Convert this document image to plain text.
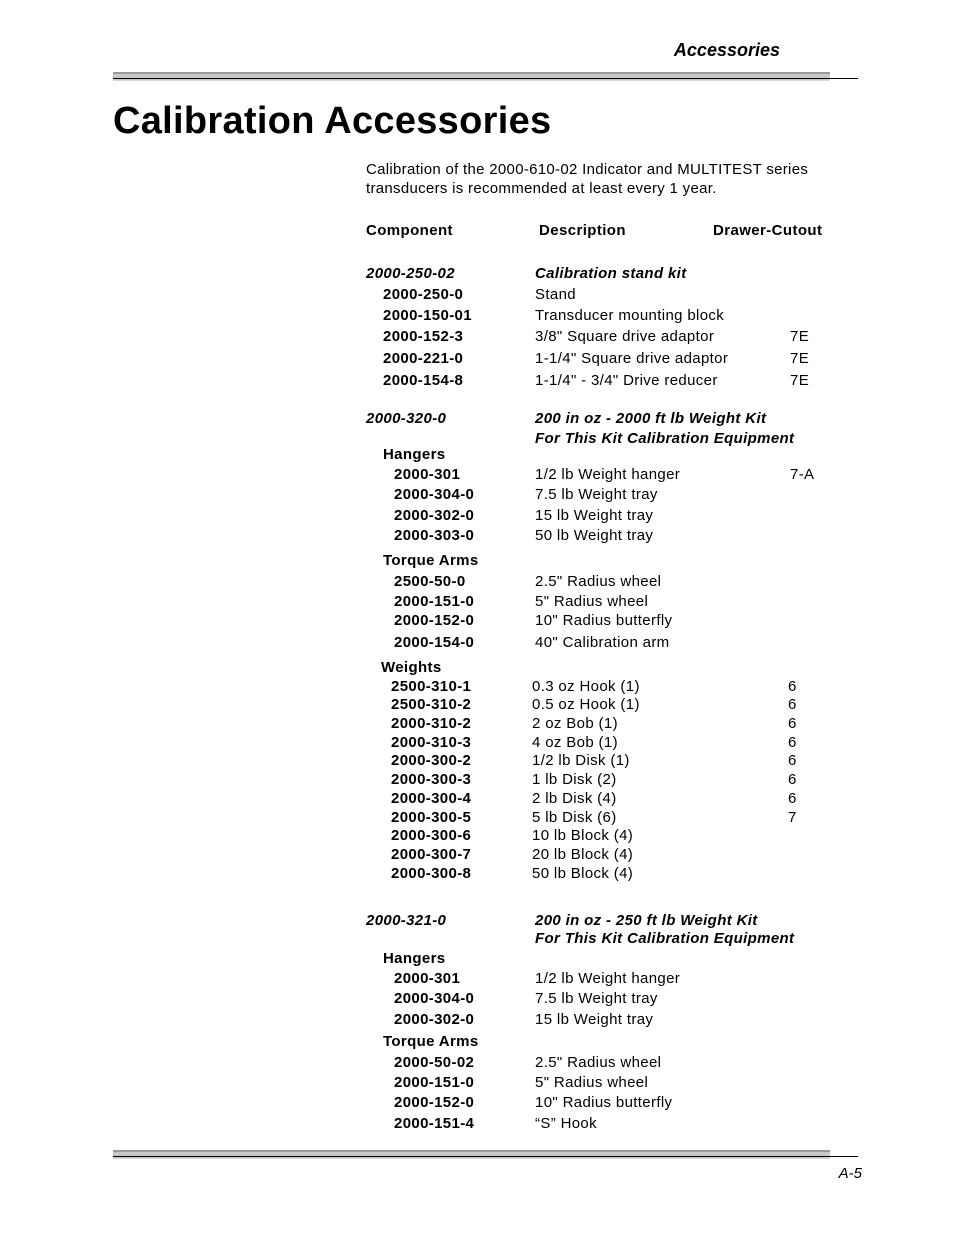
Accessories
Calibration Accessories
Calibration of the 2000-610-02 Indicator and MULTITEST series transducers is recommended at least every 1 year.
Component	Description	Drawer-Cutout
2000-250-02	Calibration stand kit
2000-250-0	Stand
2000-150-01	Transducer mounting block
2000-152-3	3/8" Square drive adaptor	7E
2000-221-0	1-1/4" Square drive adaptor	7E
2000-154-8	1-1/4" - 3/4" Drive reducer	7E
2000-320-0	200 in oz - 2000 ft lb Weight Kit
For This Kit Calibration Equipment
Hangers
2000-301	1/2 lb Weight hanger	7-A
2000-304-0	7.5 lb Weight tray
2000-302-0	15 lb Weight tray
2000-303-0	50 lb Weight tray
Torque Arms
2500-50-0	2.5" Radius wheel
2000-151-0	5" Radius wheel
2000-152-0	10" Radius butterfly
2000-154-0	40" Calibration arm
Weights
2500-310-1	0.3 oz Hook (1)	6
2500-310-2	0.5 oz Hook (1)	6
2000-310-2	2 oz Bob (1)	6
2000-310-3	4 oz Bob (1)	6
2000-300-2	1/2 lb Disk (1)	6
2000-300-3	1 lb Disk (2)	6
2000-300-4	2 lb Disk (4)	6
2000-300-5	5 lb Disk (6)	7
2000-300-6	10 lb Block (4)
2000-300-7	20 lb Block (4)
2000-300-8	50 lb Block (4)
2000-321-0	200 in oz - 250 ft lb Weight Kit
For This Kit Calibration Equipment
Hangers
2000-301	1/2 lb Weight hanger
2000-304-0	7.5 lb Weight tray
2000-302-0	15 lb Weight tray
Torque Arms
2000-50-02	2.5" Radius wheel
2000-151-0	5" Radius wheel
2000-152-0	10" Radius butterfly
2000-151-4	“S” Hook
A-5
